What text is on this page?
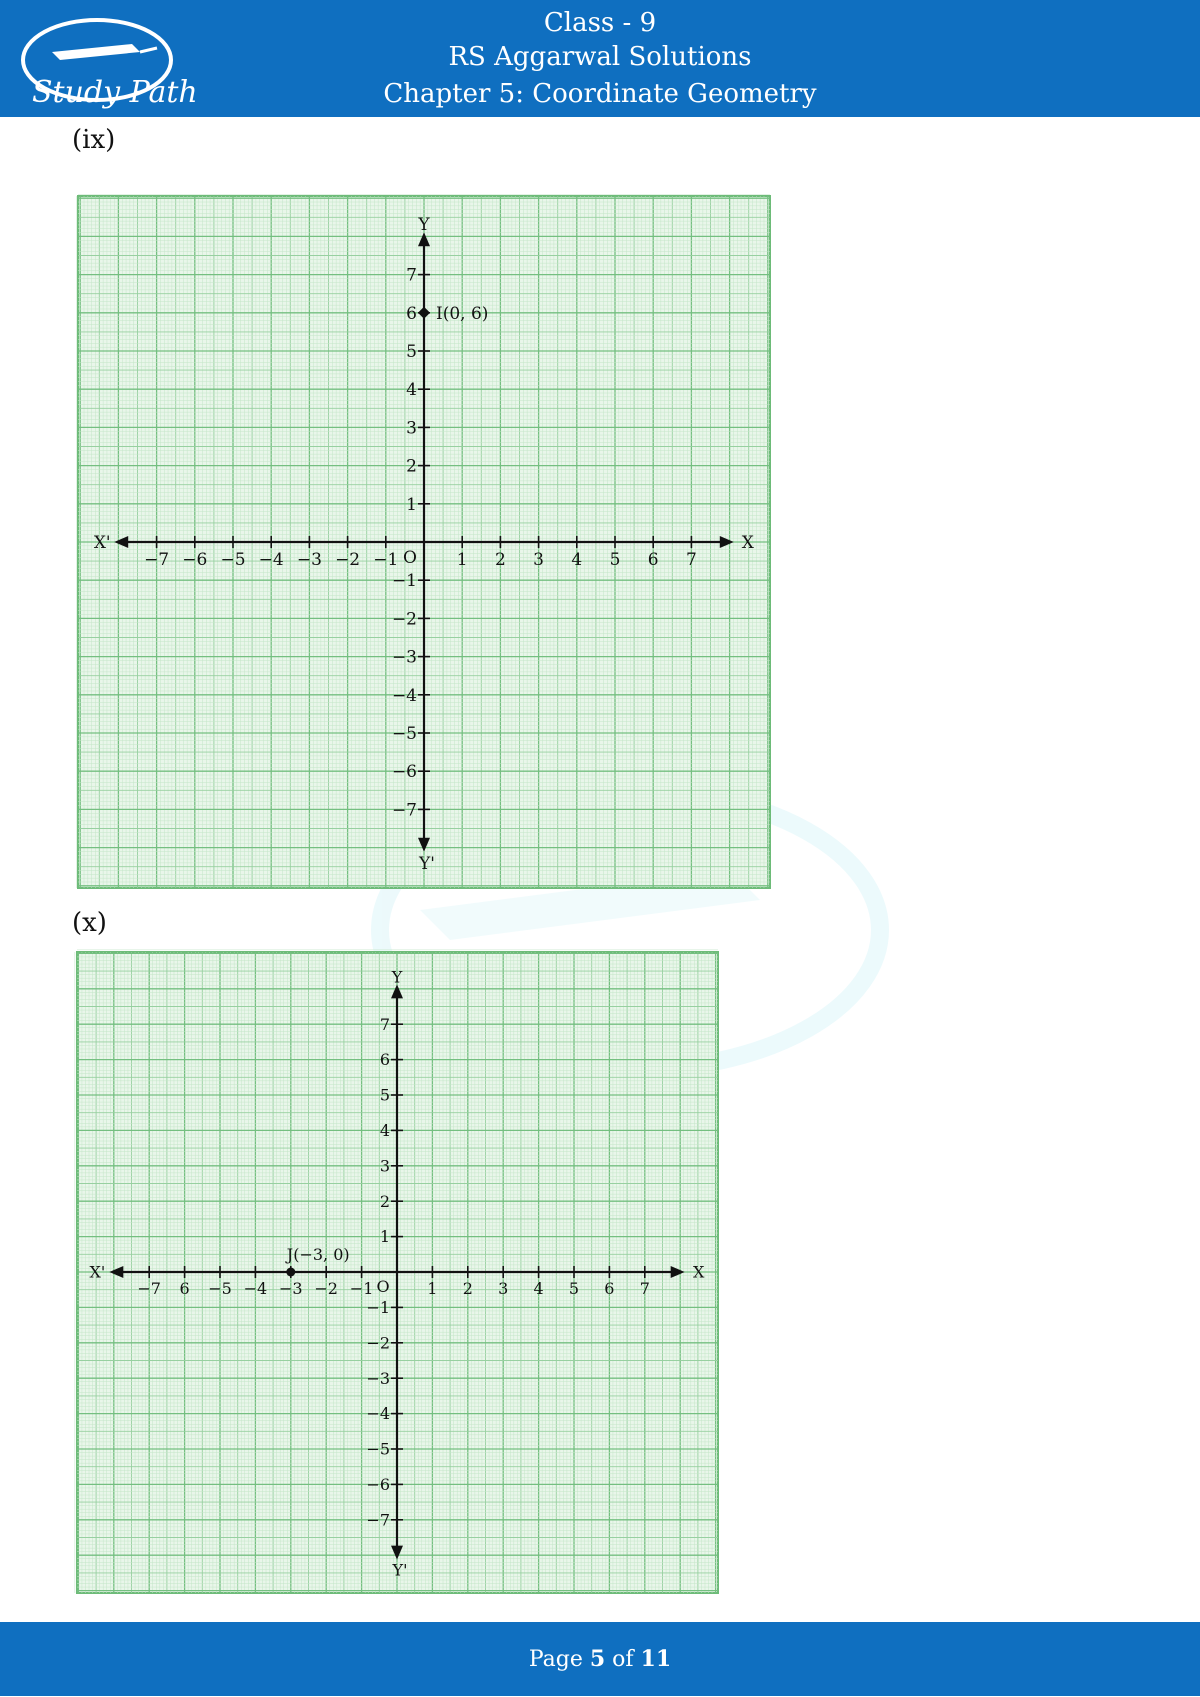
Study Path
Class - 9
RS Aggarwal Solutions
Chapter 5: Coordinate Geometry
(ix)
(x)
X
X'
Y
Y'
O
−7 −6 −5 −4 −3 −2 −1	1 2 3 4 5 6 7
7
6
5
4
3
2
1
−1
−2
−3
−4
−5
−6
−7
I(0, 6)
X
X'
Y
Y'
O
−7 6 −5 −4 −3 −2 −1	1 2 3 4 5 6 7
7
6
5
4
3
2
1
−1
−2
−3
−4
−5
−6
−7
J(−3, 0)
Page 5 of 11
